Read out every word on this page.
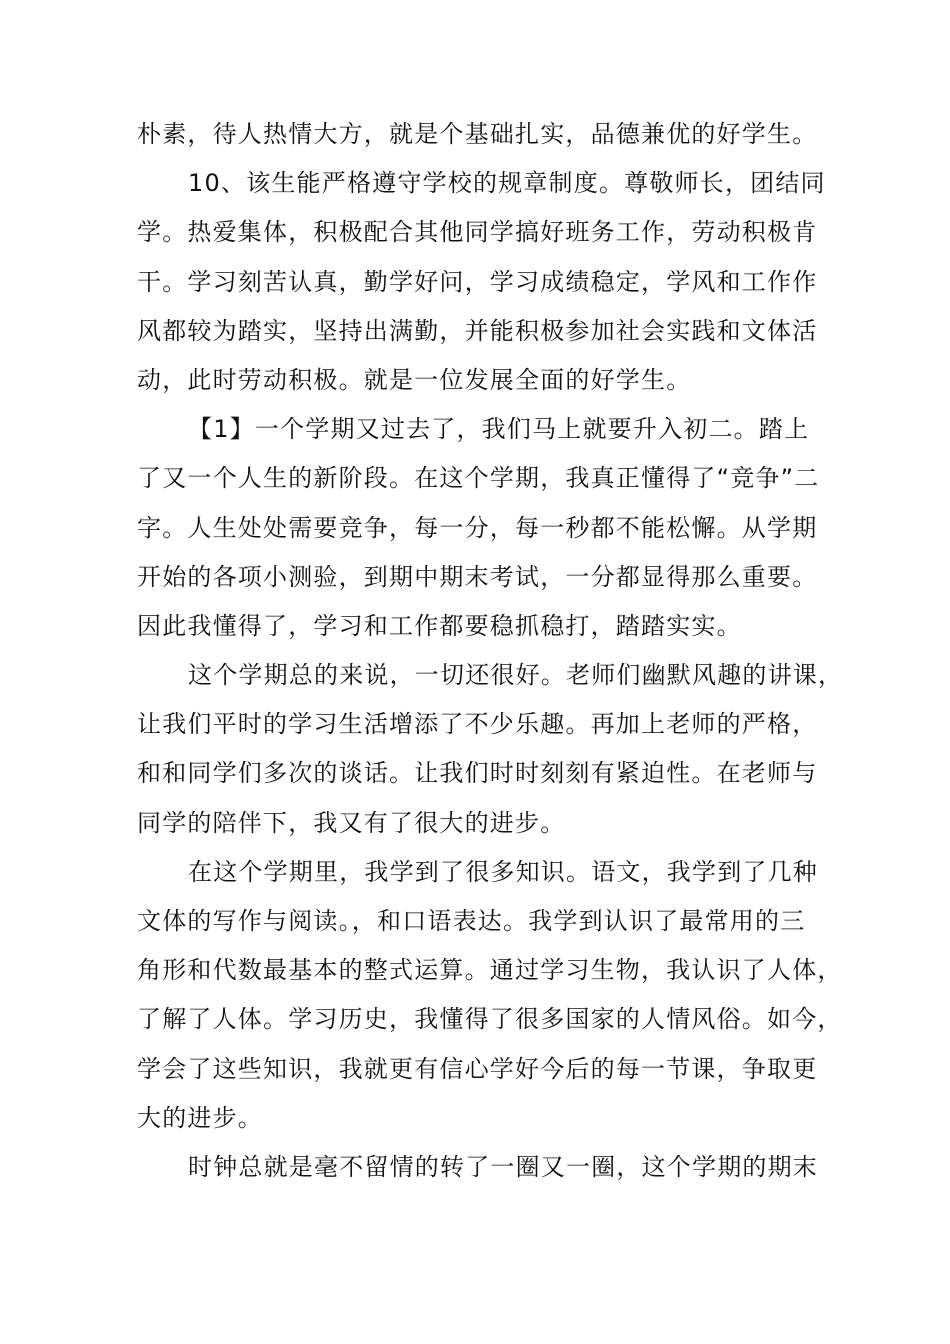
朴素，待人热情大方，就是个基础扎实，品德兼优的好学生。
10、该生能严格遵守学校的规章制度。尊敬师长，团结同
学。热爱集体，积极配合其他同学搞好班务工作，劳动积极肯
干。学习刻苦认真，勤学好问，学习成绩稳定，学风和工作作
风都较为踏实，坚持出满勤，并能积极参加社会实践和文体活
动，此时劳动积极。就是一位发展全面的好学生。
【1】一个学期又过去了，我们马上就要升入初二。踏上
了又一个人生的新阶段。在这个学期，我真正懂得了“竞争”二
字。人生处处需要竞争，每一分，每一秒都不能松懈。从学期
开始的各项小测验，到期中期末考试，一分都显得那么重要。
因此我懂得了，学习和工作都要稳抓稳打，踏踏实实。
这个学期总的来说，一切还很好。老师们幽默风趣的讲课，
让我们平时的学习生活增添了不少乐趣。再加上老师的严格，
和和同学们多次的谈话。让我们时时刻刻有紧迫性。在老师与
同学的陪伴下，我又有了很大的进步。
在这个学期里，我学到了很多知识。语文，我学到了几种
文体的写作与阅读。，和口语表达。我学到认识了最常用的三
角形和代数最基本的整式运算。通过学习生物，我认识了人体，
了解了人体。学习历史，我懂得了很多国家的人情风俗。如今，
学会了这些知识，我就更有信心学好今后的每一节课，争取更
大的进步。
时钟总就是毫不留情的转了一圈又一圈，这个学期的期末
